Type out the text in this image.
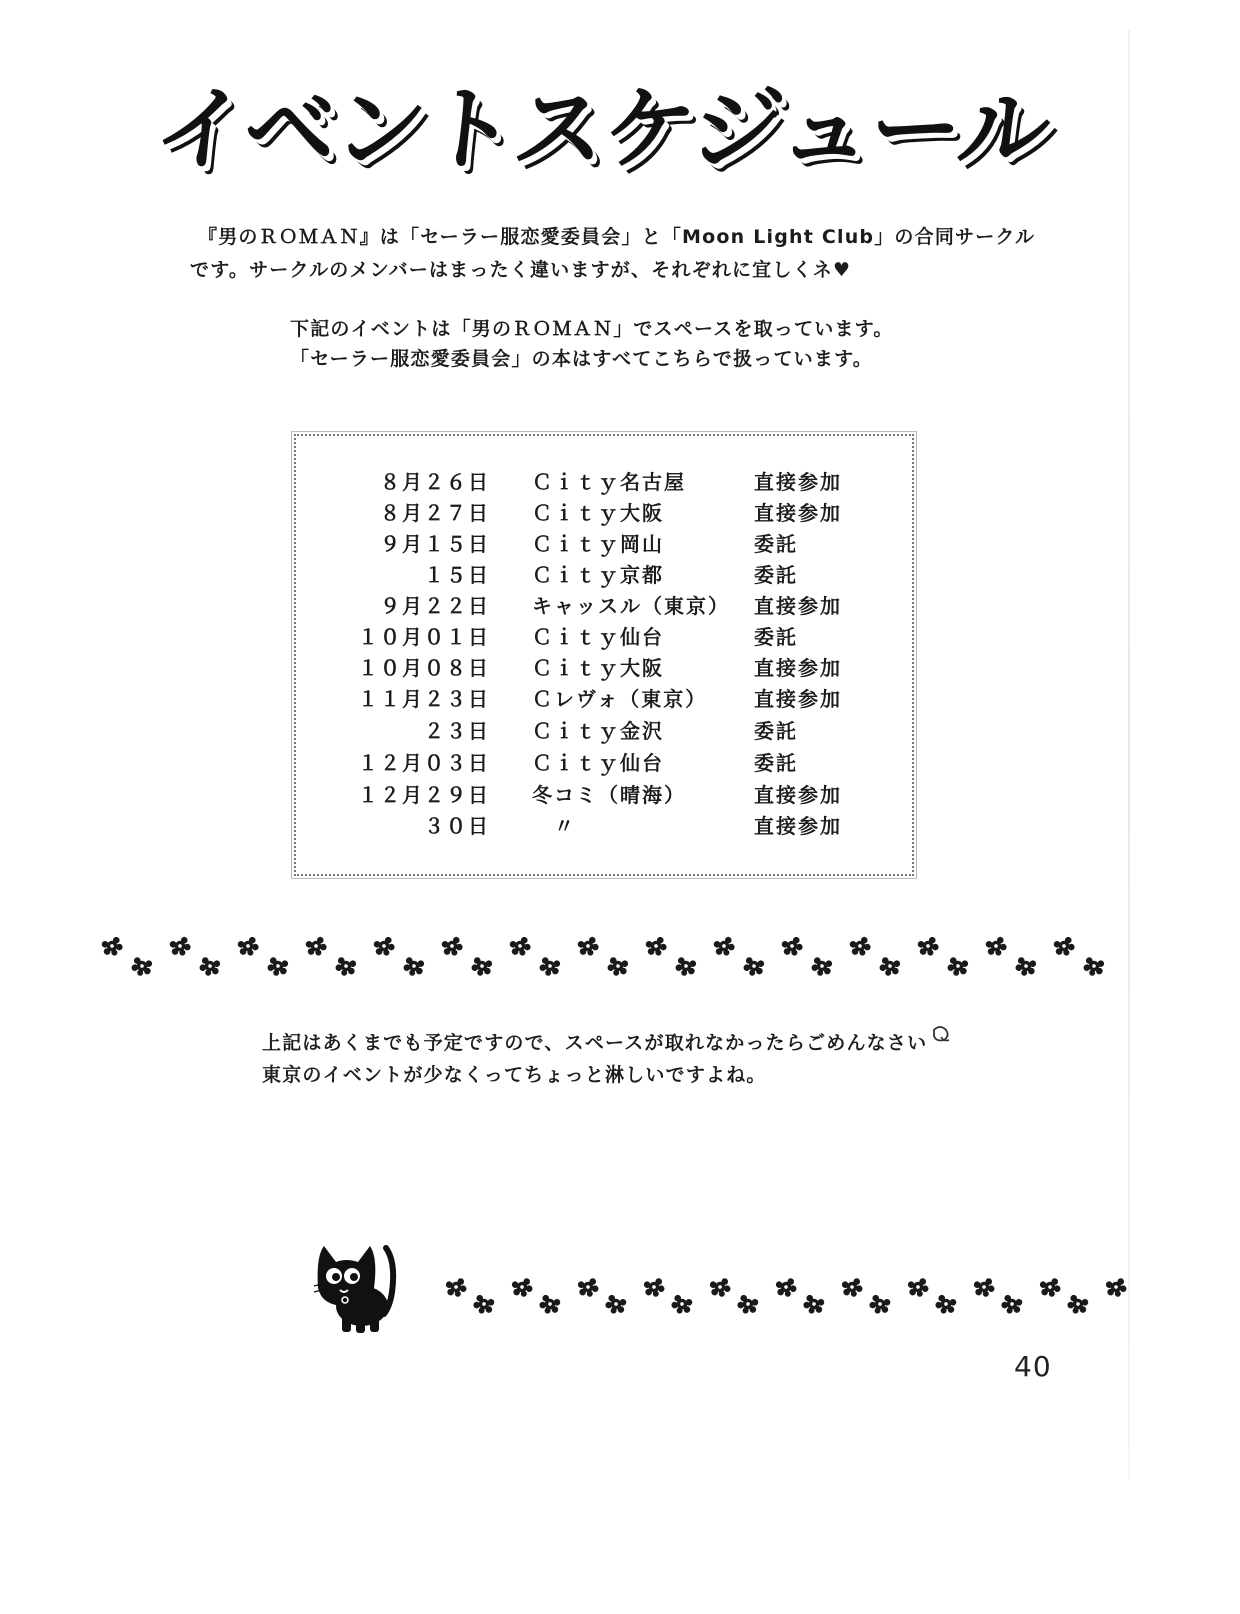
イベントスケジュール
『男のＲＯＭＡＮ』は「セーラー服恋愛委員会」と「Moon Light Club」の合同サークル
です。サークルのメンバーはまったく違いますが、それぞれに宜しくネ♥
下記のイベントは「男のＲＯＭＡＮ」でスペースを取っています。
「セーラー服恋愛委員会」の本はすべてこちらで扱っています。
８月２６日 Ｃｉｔｙ名古屋	直接参加
８月２７日 Ｃｉｔｙ大阪	直接参加
９月１５日 Ｃｉｔｙ岡山	委託
１５日 Ｃｉｔｙ京都	委託
９月２２日 キャッスル（東京） 直接参加
１０月０１日 Ｃｉｔｙ仙台	委託
１０月０８日 Ｃｉｔｙ大阪	直接参加
１１月２３日 Ｃレヴォ（東京） 直接参加
２３日 Ｃｉｔｙ金沢	委託
１２月０３日 Ｃｉｔｙ仙台	委託
１２月２９日 冬コミ（晴海）	直接参加
３０日	〃	直接参加
上記はあくまでも予定ですので、スペースが取れなかったらごめんなさい
東京のイベントが少なくってちょっと淋しいですよね。
40
